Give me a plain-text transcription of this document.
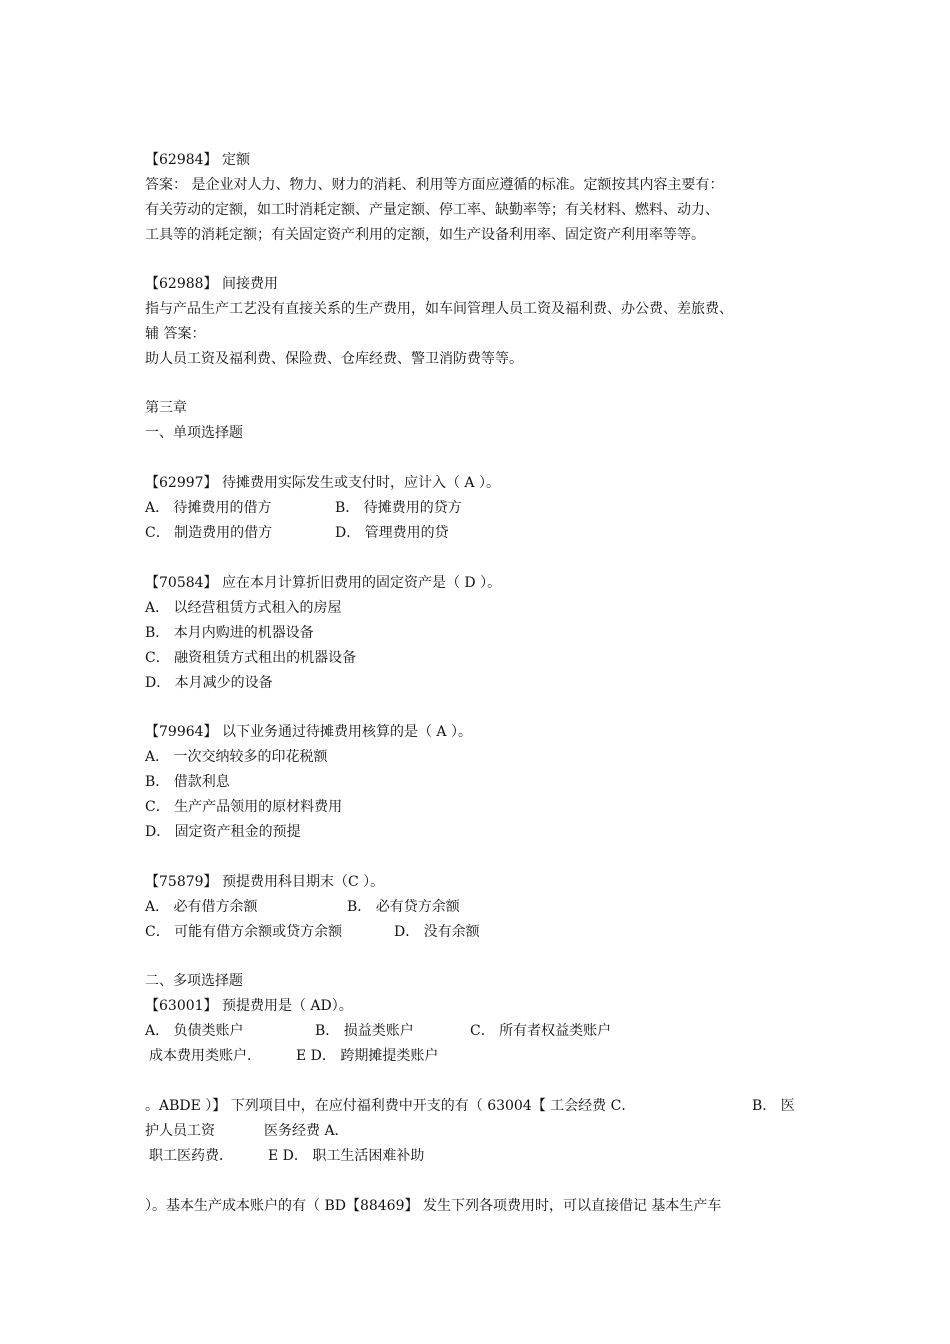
【62984】 定额

答案： 是企业对人力、物力、财力的消耗、利用等方面应遵循的标准。定额按其内容主要有：

有关劳动的定额，如工时消耗定额、产量定额、停工率、缺勤率等；有关材料、燃料、动力、

工具等的消耗定额；有关固定资产利用的定额，如生产设备利用率、固定资产利用率等等。

【62988】 间接费用

指与产品生产工艺没有直接关系的生产费用，如车间管理人员工资及福利费、办公费、差旅费、

辅 答案：

助人员工资及福利费、保险费、仓库经费、警卫消防费等等。

第三章

一、单项选择题

【62997】 待摊费用实际发生或支付时，应计入（ A ）。

A． 待摊费用的借方	B． 待摊费用的贷方
C． 制造费用的借方	D． 管理费用的贷

【70584】 应在本月计算折旧费用的固定资产是（ D ）。

A． 以经营租赁方式租入的房屋

B． 本月内购进的机器设备

C． 融资租赁方式租出的机器设备

D． 本月减少的设备

【79964】 以下业务通过待摊费用核算的是（ A ）。

A． 一次交纳较多的印花税额

B． 借款利息

C． 生产产品领用的原材料费用

D． 固定资产租金的预提

【75879】 预提费用科目期末（C ）。

A． 必有借方余额	B． 必有贷方余额
C． 可能有借方余额或贷方余额	D． 没有余额

二、多项选择题

【63001】 预提费用是（ AD）。

A． 负债类账户	B． 损益类账户	C． 所有者权益类账户
成本费用类账户．	E D． 跨期摊提类账户
。ABDE ）】 下列项目中，在应付福利费中开支的有（ 63004【 工会经费 C．	B． 医
护人员工资	医务经费 A．
职工医药费．	E D． 职工生活困难补助

）。基本生产成本账户的有（ BD【88469】 发生下列各项费用时，可以直接借记 基本生产车
